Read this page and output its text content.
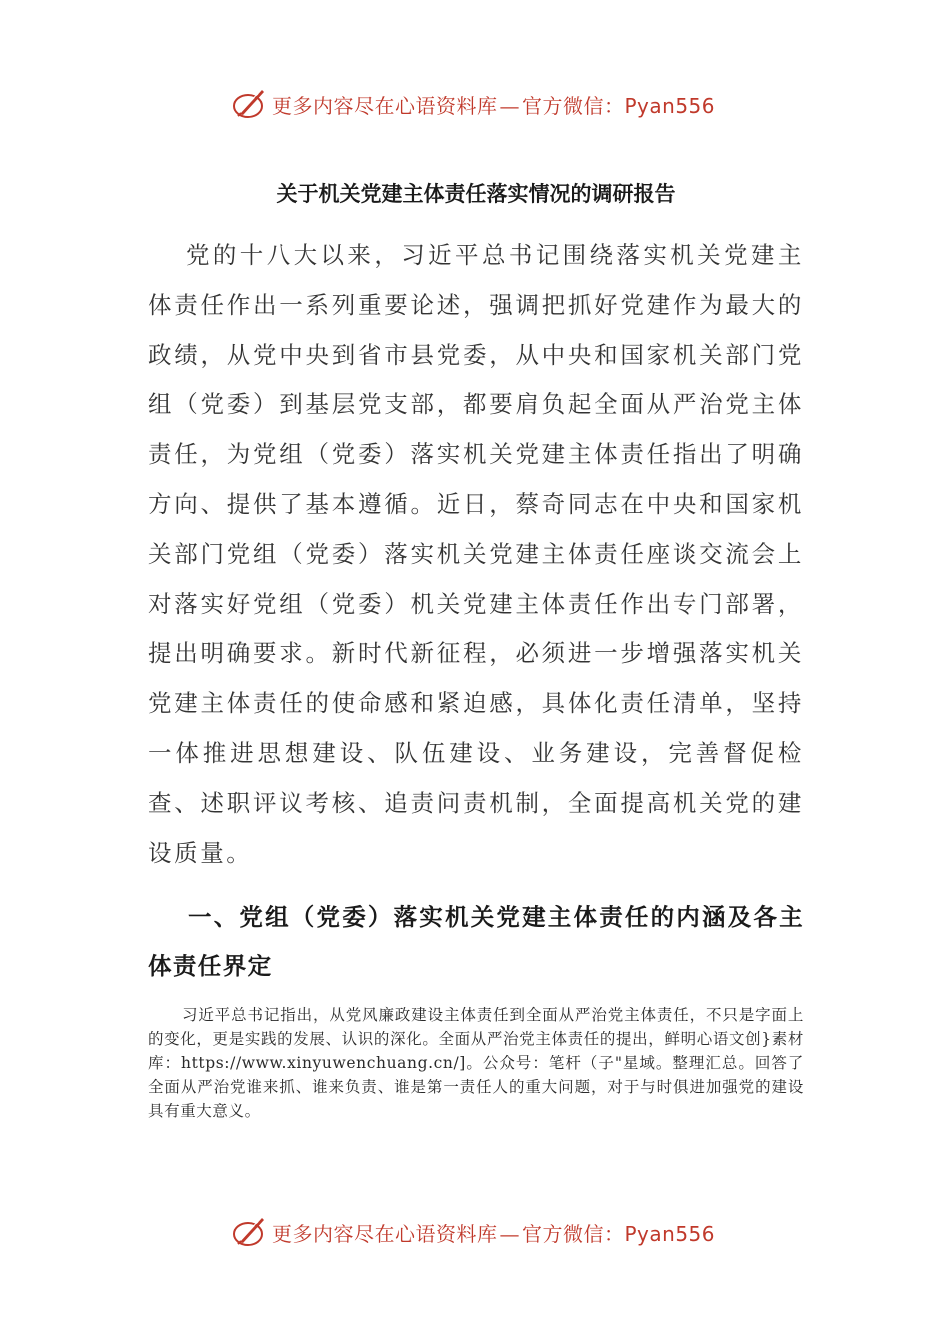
更多内容尽在心语资料库 — 官方微信：Pyan556
关于机关党建主体责任落实情况的调研报告

党的十八大以来，习近平总书记围绕落实机关党建主体责任作出一系列重要论述，强调把抓好党建作为最大的政绩，从党中央到省市县党委，从中央和国家机关部门党组（党委）到基层党支部，都要肩负起全面从严治党主体责任，为党组（党委）落实机关党建主体责任指出了明确方向、提供了基本遵循。近日，蔡奇同志在中央和国家机关部门党组（党委）落实机关党建主体责任座谈交流会上对落实好党组（党委）机关党建主体责任作出专门部署，提出明确要求。新时代新征程，必须进一步增强落实机关党建主体责任的使命感和紧迫感，具体化责任清单，坚持一体推进思想建设、队伍建设、业务建设，完善督促检查、述职评议考核、追责问责机制，全面提高机关党的建设质量。

一、党组（党委）落实机关党建主体责任的内涵及各主体责任界定

习近平总书记指出，从党风廉政建设主体责任到全面从严治党主体责任，不只是字面上的变化，更是实践的发展、认识的深化。全面从严治党主体责任的提出，鲜明心语文创}素材库：https://www.xinyuwenchuang.cn/]。公众号：笔杆（子"星域。整理汇总。回答了全面从严治党谁来抓、谁来负责、谁是第一责任人的重大问题，对于与时俱进加强党的建设具有重大意义。

更多内容尽在心语资料库 — 官方微信：Pyan556
